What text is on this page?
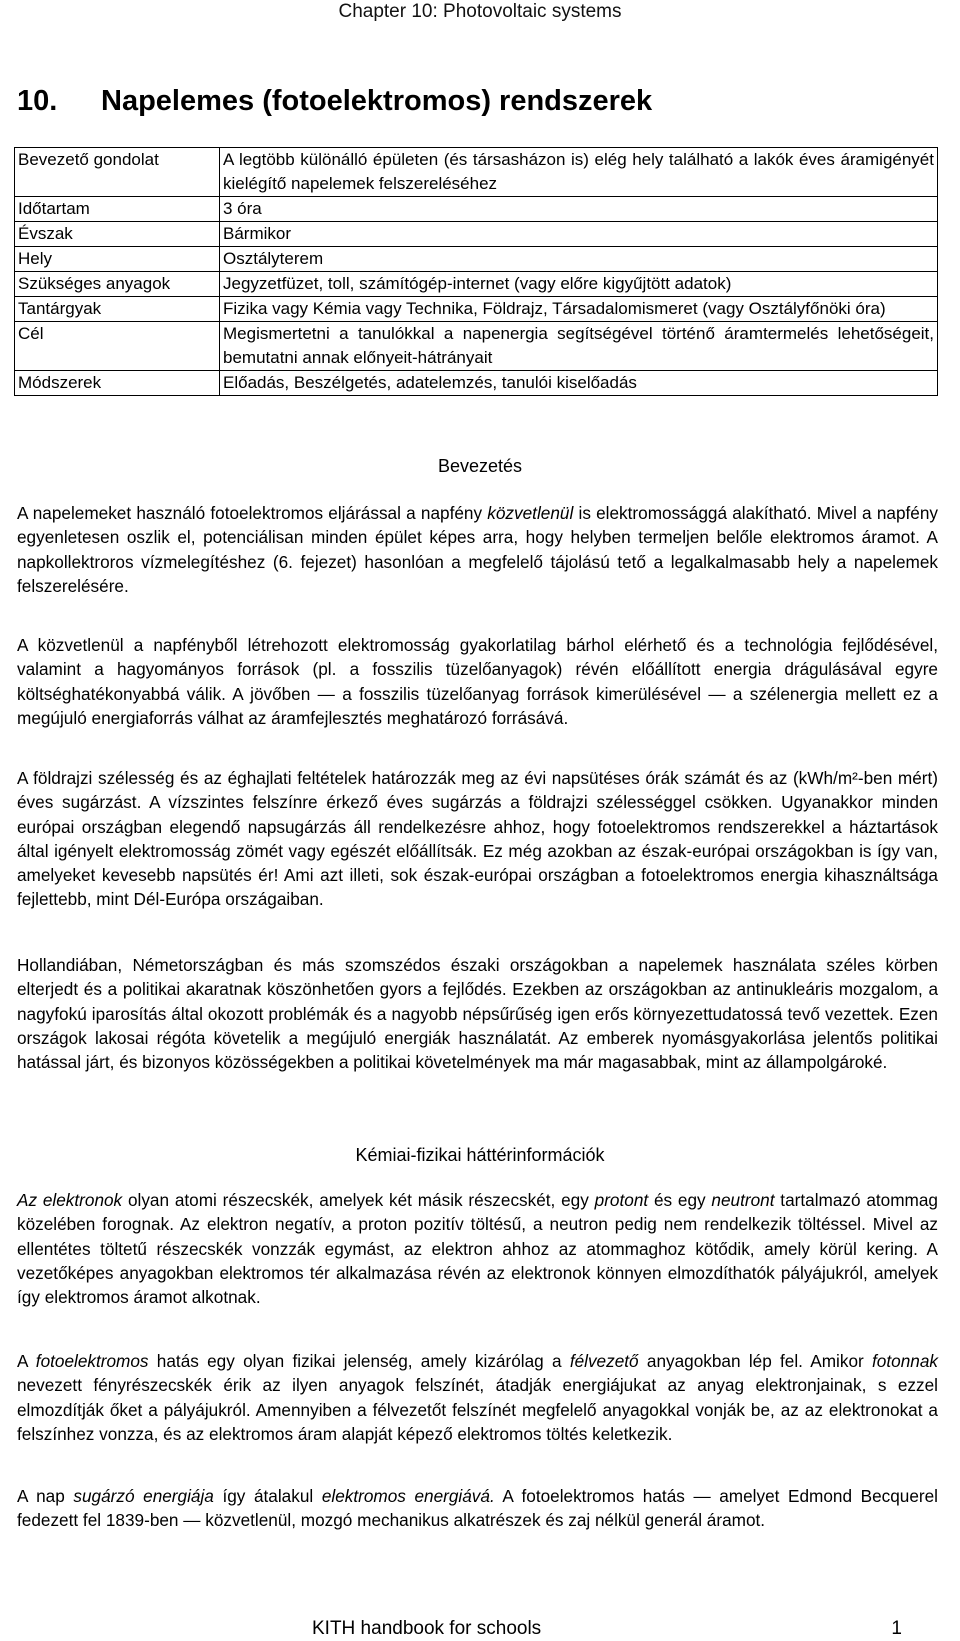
Chapter 10: Photovoltaic systems
10. Napelemes (fotoelektromos) rendszerek
Bevezető gondolat	A legtöbb különálló épületen (és társasházon is) elég hely található a lakók éves áramigényét kielégítő napelemek felszereléséhez
Időtartam	3 óra
Évszak	Bármikor
Hely	Osztályterem
Szükséges anyagok	Jegyzetfüzet, toll, számítógép-internet (vagy előre kigyűjtött adatok)
Tantárgyak	Fizika vagy Kémia vagy Technika, Földrajz, Társadalomismeret (vagy Osztályfőnöki óra)
Cél	Megismertetni a tanulókkal a napenergia segítségével történő áramtermelés lehetőségeit, bemutatni annak előnyeit-hátrányait
Módszerek	Előadás, Beszélgetés, adatelemzés, tanulói kiselőadás
Bevezetés

A napelemeket használó fotoelektromos eljárással a napfény közvetlenül is elektromossággá alakítható. Mivel a napfény egyenletesen oszlik el, potenciálisan minden épület képes arra, hogy helyben termeljen belőle elektromos áramot. A napkollektroros vízmelegítéshez (6. fejezet) hasonlóan a megfelelő tájolású tető a legalkalmasabb hely a napelemek felszerelésére.

A közvetlenül a napfényből létrehozott elektromosság gyakorlatilag bárhol elérhető és a technológia fejlődésével, valamint a hagyományos források (pl. a fosszilis tüzelőanyagok) révén előállított energia drágulásával egyre költséghatékonyabbá válik. A jövőben — a fosszilis tüzelőanyag források kimerülésével — a szélenergia mellett ez a megújuló energiaforrás válhat az áramfejlesztés meghatározó forrásává.

A földrajzi szélesség és az éghajlati feltételek határozzák meg az évi napsütéses órák számát és az (kWh/m²-ben mért) éves sugárzást. A vízszintes felszínre érkező éves sugárzás a földrajzi szélességgel csökken. Ugyanakkor minden európai országban elegendő napsugárzás áll rendelkezésre ahhoz, hogy fotoelektromos rendszerekkel a háztartások által igényelt elektromosság zömét vagy egészét előállítsák. Ez még azokban az észak-európai országokban is így van, amelyeket kevesebb napsütés ér! Ami azt illeti, sok észak-európai országban a fotoelektromos energia kihasználtsága fejlettebb, mint Dél-Európa országaiban.

Hollandiában, Németországban és más szomszédos északi országokban a napelemek használata széles körben elterjedt és a politikai akaratnak köszönhetően gyors a fejlődés. Ezekben az országokban az antinukleáris mozgalom, a nagyfokú iparosítás által okozott problémák és a nagyobb népsűrűség igen erős környezettudatossá tevő vezettek. Ezen országok lakosai régóta követelik a megújuló energiák használatát. Az emberek nyomásgyakorlása jelentős politikai hatással járt, és bizonyos közösségekben a politikai követelmények ma már magasabbak, mint az állampolgároké.

Kémiai-fizikai háttérinformációk

Az elektronok olyan atomi részecskék, amelyek két másik részecskét, egy protont és egy neutront tartalmazó atommag közelében forognak. Az elektron negatív, a proton pozitív töltésű, a neutron pedig nem rendelkezik töltéssel. Mivel az ellentétes töltetű részecskék vonzzák egymást, az elektron ahhoz az atommaghoz kötődik, amely körül kering. A vezetőképes anyagokban elektromos tér alkalmazása révén az elektronok könnyen elmozdíthatók pályájukról, amelyek így elektromos áramot alkotnak.

A fotoelektromos hatás egy olyan fizikai jelenség, amely kizárólag a félvezető anyagokban lép fel. Amikor fotonnak nevezett fényrészecskék érik az ilyen anyagok felszínét, átadják energiájukat az anyag elektronjainak, s ezzel elmozdítják őket a pályájukról. Amennyiben a félvezetőt felszínét megfelelő anyagokkal vonják be, az az elektronokat a felszínhez vonzza, és az elektromos áram alapját képező elektromos töltés keletkezik.

A nap sugárzó energiája így átalakul elektromos energiává. A fotoelektromos hatás — amelyet Edmond Becquerel fedezett fel 1839-ben — közvetlenül, mozgó mechanikus alkatrészek és zaj nélkül generál áramot.

KITH handbook for schools	1
